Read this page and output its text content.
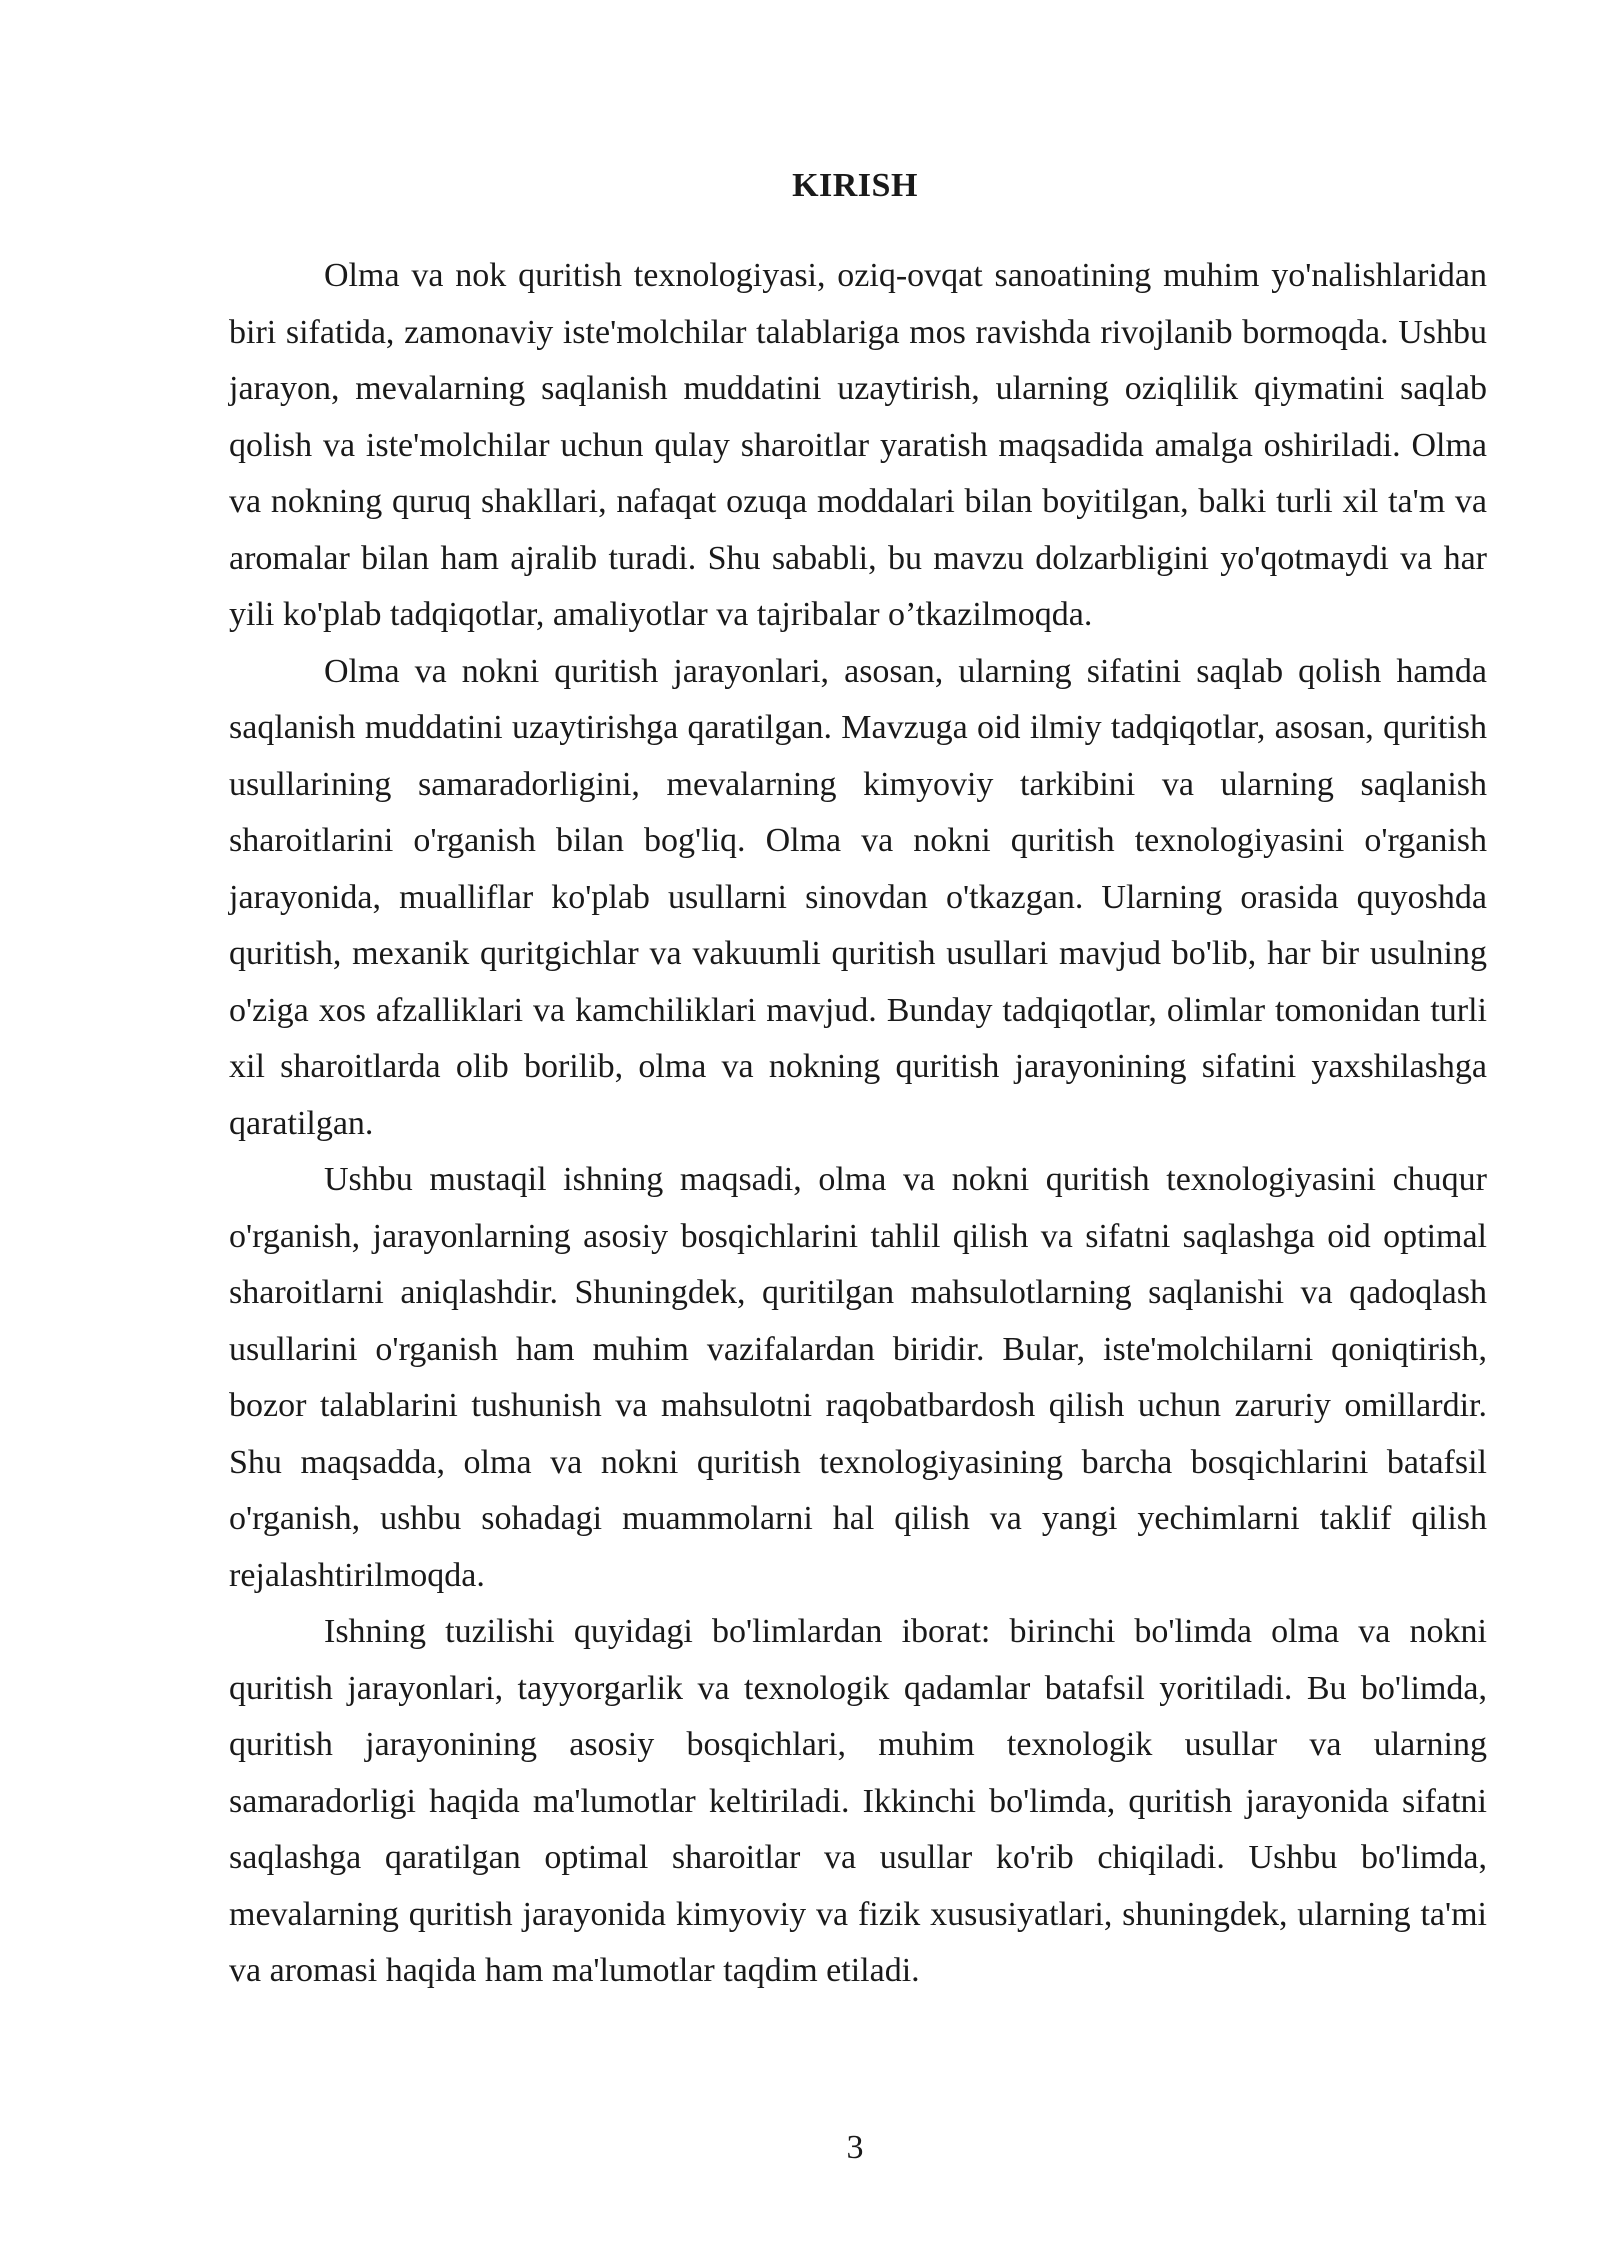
KIRISH

Olma va nok quritish texnologiyasi, oziq-ovqat sanoatining muhim yo'nalishlaridan biri sifatida, zamonaviy iste'molchilar talablariga mos ravishda rivojlanib bormoqda. Ushbu jarayon, mevalarning saqlanish muddatini uzaytirish, ularning oziqlilik qiymatini saqlab qolish va iste'molchilar uchun qulay sharoitlar yaratish maqsadida amalga oshiriladi. Olma va nokning quruq shakllari, nafaqat ozuqa moddalari bilan boyitilgan, balki turli xil ta'm va aromalar bilan ham ajralib turadi. Shu sababli, bu mavzu dolzarbligini yo'qotmaydi va har yili ko'plab tadqiqotlar, amaliyotlar va tajribalar o’tkazilmoqda.

Olma va nokni quritish jarayonlari, asosan, ularning sifatini saqlab qolish hamda saqlanish muddatini uzaytirishga qaratilgan. Mavzuga oid ilmiy tadqiqotlar, asosan, quritish usullarining samaradorligini, mevalarning kimyoviy tarkibini va ularning saqlanish sharoitlarini o'rganish bilan bog'liq. Olma va nokni quritish texnologiyasini o'rganish jarayonida, mualliflar ko'plab usullarni sinovdan o'tkazgan. Ularning orasida quyoshda quritish, mexanik quritgichlar va vakuumli quritish usullari mavjud bo'lib, har bir usulning o'ziga xos afzalliklari va kamchiliklari mavjud. Bunday tadqiqotlar, olimlar tomonidan turli xil sharoitlarda olib borilib, olma va nokning quritish jarayonining sifatini yaxshilashga qaratilgan.

Ushbu mustaqil ishning maqsadi, olma va nokni quritish texnologiyasini chuqur o'rganish, jarayonlarning asosiy bosqichlarini tahlil qilish va sifatni saqlashga oid optimal sharoitlarni aniqlashdir. Shuningdek, quritilgan mahsulotlarning saqlanishi va qadoqlash usullarini o'rganish ham muhim vazifalardan biridir. Bular, iste'molchilarni qoniqtirish, bozor talablarini tushunish va mahsulotni raqobatbardosh qilish uchun zaruriy omillardir. Shu maqsadda, olma va nokni quritish texnologiyasining barcha bosqichlarini batafsil o'rganish, ushbu sohadagi muammolarni hal qilish va yangi yechimlarni taklif qilish rejalashtirilmoqda.

Ishning tuzilishi quyidagi bo'limlardan iborat: birinchi bo'limda olma va nokni quritish jarayonlari, tayyorgarlik va texnologik qadamlar batafsil yoritiladi. Bu bo'limda, quritish jarayonining asosiy bosqichlari, muhim texnologik usullar va ularning samaradorligi haqida ma'lumotlar keltiriladi. Ikkinchi bo'limda, quritish jarayonida sifatni saqlashga qaratilgan optimal sharoitlar va usullar ko'rib chiqiladi. Ushbu bo'limda, mevalarning quritish jarayonida kimyoviy va fizik xususiyatlari, shuningdek, ularning ta'mi va aromasi haqida ham ma'lumotlar taqdim etiladi.

3
